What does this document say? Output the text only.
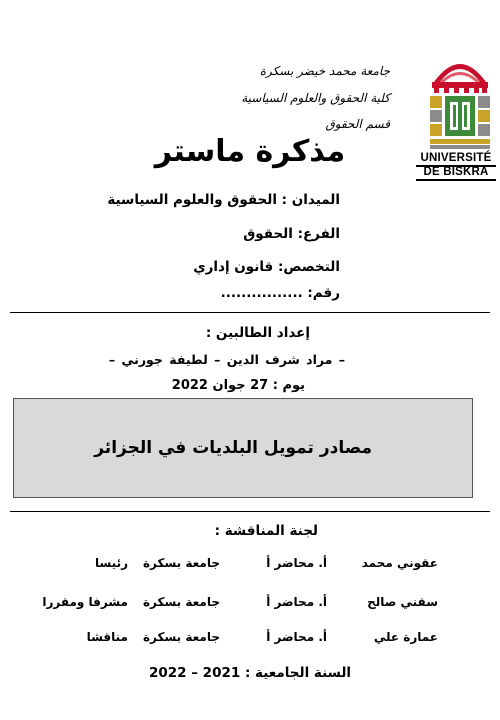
جامعة محمد خيضر بسكرة
كلية الحقوق والعلوم السياسية
قسم الحقوق
UNIVERSITÉ
DE BISKRA
مذكرة ماستر
الميدان : الحقوق والعلوم السياسية
الفرع: الحقوق
التخصص: قانون إداري
رقم: ................
إعداد الطالبين :
– مراد شرف الدين – لطيفة جورني –
يوم : 27 جوان 2022
مصادر تمويل البلديات في الجزائر
لجنة المناقشة :
عقوني محمد
أ. محاضر أ
جامعة بسكرة
رئيسا
سقني صالح
أ. محاضر أ
جامعة بسكرة
مشرفا ومقررا
عمارة علي
أ. محاضر أ
جامعة بسكرة
مناقشا
السنة الجامعية : 2021 – 2022
